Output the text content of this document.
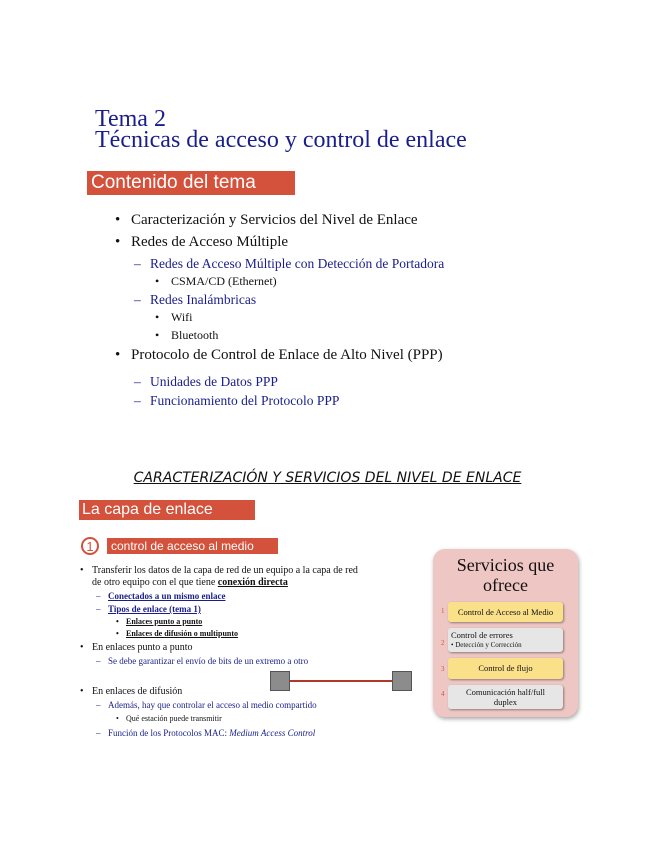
Tema 2
Técnicas de acceso y control de enlace
Contenido del tema
• Caracterización y Servicios del Nivel de Enlace
• Redes de Acceso Múltiple
– Redes de Acceso Múltiple con Detección de Portadora
• CSMA/CD (Ethernet)
– Redes Inalámbricas
• Wifi
• Bluetooth
• Protocolo de Control de Enlace de Alto Nivel (PPP)
– Unidades de Datos PPP
– Funcionamiento del Protocolo PPP
CARACTERIZACIÓN Y SERVICIOS DEL NIVEL DE ENLACE
La capa de enlace
1	control de acceso al medio
• Transferir los datos de la capa de red de un equipo a la capa de red
de otro equipo con el que tiene conexión directa
– Conectados a un mismo enlace
– Tipos de enlace (tema 1)
• Enlaces punto a punto
• Enlaces de difusión o multipunto
• En enlaces punto a punto
– Se debe garantizar el envío de bits de un extremo a otro
• En enlaces de difusión
– Además, hay que controlar el acceso al medio compartido
• Qué estación puede transmitir
– Función de los Protocolos MAC: Medium Access Control
Servicios que ofrece
1	Control de Acceso al Medio
2
Control de errores
• Detección y Corrección
3	Control de flujo
4	Comunicación half/full duplex
